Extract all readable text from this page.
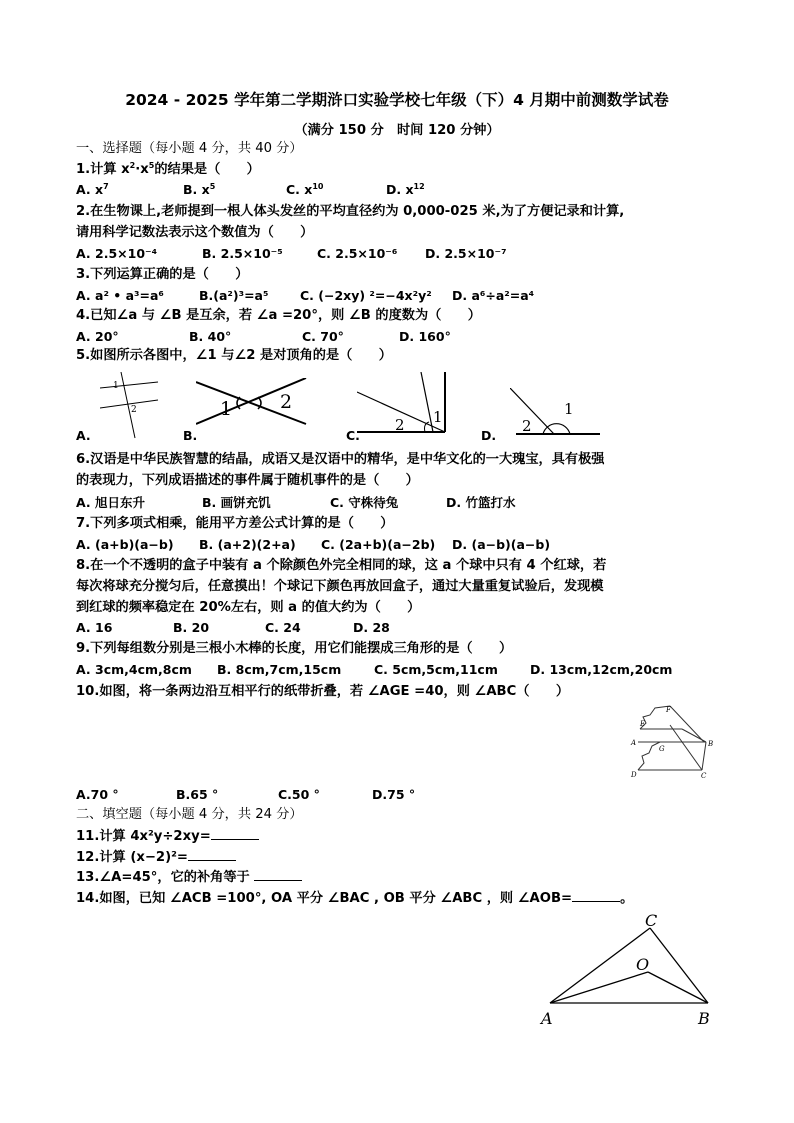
2024 - 2025 学年第二学期浒口实验学校七年级（下）4 月期中前测数学试卷
（满分 150 分　时间 120 分钟）
一、选择题（每小题 4 分，共 40 分）
1.计算 $x^2\cdot x^5$的结果是（　　）
A. $x^7$	B. $x^5$	C. $x^{10}$	D. $x^{12}$
2.在生物课上,老师提到一根人体头发丝的平均直径约为 0,000-025 米,为了方便记录和计算,
请用科学记数法表示这个数值为（　　）
A. 2.5×10⁻⁴	B. 2.5×10⁻⁵	C. 2.5×10⁻⁶ D. 2.5×10⁻⁷
3.下列运算正确的是（　　）
A. a² • a³=a⁶	B.(a²)³=a⁵	C. (−2xy) ²=−4x²y² D. a⁶÷a²=a⁴
4.已知∠a 与 ∠B 是互余，若 ∠a =20°，则 ∠B 的度数为（　　）
A. 20°	B. 40°	C. 70°	D. 160°
5.如图所示各图中，∠1 与∠2 是对顶角的是（　　）
1
2	1	2
2 1	2
1
A.	B.	C.	D.
6.汉语是中华民族智慧的结晶，成语又是汉语中的精华，是中华文化的一大瑰宝，具有极强
的表现力，下列成语描述的事件属于随机事件的是（　　）
A. 旭日东升	B. 画饼充饥	C. 守株待兔	D. 竹篮打水
7.下列多项式相乘，能用平方差公式计算的是（　　）
A. (a+b)(a−b) B. (a+2)(2+a) C. (2a+b)(a−2b) D. (a−b)(a−b)
8.在一个不透明的盒子中装有 a 个除颜色外完全相同的球，这 a 个球中只有 4 个红球，若
每次将球充分搅匀后，任意摸出！个球记下颜色再放回盒子，通过大量重复试验后，发现模
到红球的频率稳定在 20%左右，则 a 的值大约为（　　）
A. 16	B. 20	C. 24	D. 28
9.下列每组数分别是三根小木棒的长度，用它们能摆成三角形的是（　　）
A. 3cm,4cm,8cm B. 8cm,7cm,15cm	C. 5cm,5cm,11cm	D. 13cm,12cm,20cm
10.如图，将一条两边沿互相平行的纸带折叠，若 ∠AGE =40，则 ∠ABC（　　）
F
E
A
G
B
D	C
A.70 °	B.65 °	C.50 °	D.75 °
二、填空题（每小题 4 分，共 24 分）
11.计算 4x²y÷2xy=
12.计算 (x−2)²=
13.∠A=45°，它的补角等于
14.如图，已知 ∠ACB =100°, OA 平分 ∠BAC , OB 平分 ∠ABC ，则 ∠AOB=	。
C
O
A	B
